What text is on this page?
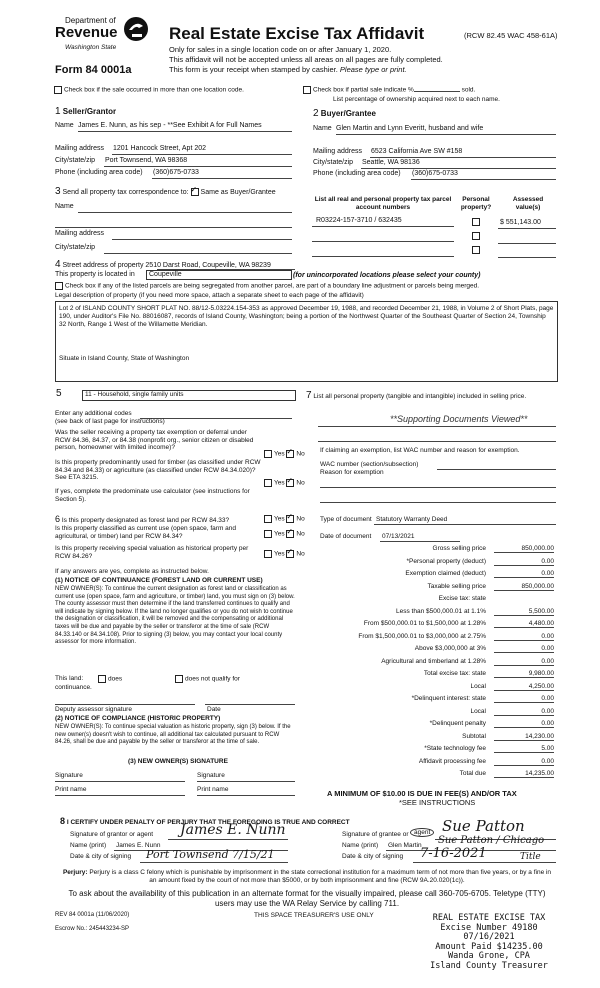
Department of
Revenue
Washington State
Form 84 0001a
Real Estate Excise Tax Affidavit	(RCW 82.45 WAC 458-61A)
Only for sales in a single location code on or after January 1, 2020.
This affidavit will not be accepted unless all areas on all pages are fully completed.
This form is your receipt when stamped by cashier. Please type or print.
Check box if the sale occurred in more than one location code.	Check box if partial sale indicate %	sold.
List percentage of ownership acquired next to each name.
1 Seller/Grantor
Name James E. Nunn, as his sep - **See Exhibit A for Full Names
Mailing address 1201 Hancock Street, Apt 202
City/state/zip Port Townsend, WA 98368
Phone (including area code) (360)675-0733
2 Buyer/Grantee
Name Glen Martin and Lynn Everitt, husband and wife
Mailing address 6523 California Ave SW #158
City/state/zip Seattle, WA 98136
Phone (including area code) (360)675-0733
3 Send all property tax correspondence to: ✓ Same as Buyer/Grantee
Name
Mailing address
City/state/zip
List all real and personal property tax parcel account numbers
Personal property?
Assessed value(s)
R03224-157-3710 / 632435	$ 551,143.00
4 Street address of property 2510 Darst Road, Coupeville, WA 98239
This property is located in	Coupeville	(for unincorporated locations please select your county)
Check box if any of the listed parcels are being segregated from another parcel, are part of a boundary line adjustment or parcels being merged.
Legal description of property (if you need more space, attach a separate sheet to each page of the affidavit)
Lot 2 of ISLAND COUNTY SHORT PLAT NO. 88/12-5.03224.154-353 as approved December 19, 1988, and recorded December 21, 1988, in Volume 2 of Short Plats, page 190, under Auditor's File No. 88016087, records of Island County, Washington; being a portion of the Northwest Quarter of the Southeast Quarter of Section 24, Township 32 North, Range 1 West of the Willamette Meridian.
Situate in Island County, State of Washington
5	11 - Household, single family units
Enter any additional codes
(see back of last page for instructions)
Was the seller receiving a property tax exemption or deferral under RCW 84.36, 84.37, or 84.38 (nonprofit org., senior citizen or disabled person, homeowner with limited income)?
Yes ✓ No
Is this property predominantly used for timber (as classified under RCW 84.34 and 84.33) or agriculture (as classified under RCW 84.34.020)? See ETA 3215.
Yes ✓ No
If yes, complete the predominate use calculator (see instructions for Section 5).
6 Is this property designated as forest land per RCW 84.33?	Yes ✓ No
Is this property classified as current use (open space, farm and agricultural, or timber) land per RCW 84.34?	Yes ✓ No
Is this property receiving special valuation as historical property per RCW 84.26?	Yes ✓ No
If any answers are yes, complete as instructed below.
(1) NOTICE OF CONTINUANCE (FOREST LAND OR CURRENT USE)
NEW OWNER(S): To continue the current designation as forest land or classification as current use (open space, farm and agriculture, or timber) land, you must sign on (3) below. The county assessor must then determine if the land transferred continues to qualify and will indicate by signing below. If the land no longer qualifies or you do not wish to continue the designation or classification, it will be removed and the compensating or additional taxes will be due and payable by the seller or transferor at the time of sale (RCW 84.33.140 or 84.34.108). Prior to signing (3) below, you may contact your local county assessor for more information.
This land:	does	does not qualify for
continuance.
Deputy assessor signature	Date
(2) NOTICE OF COMPLIANCE (HISTORIC PROPERTY)
NEW OWNER(S): To continue special valuation as historic property, sign (3) below. If the new owner(s) doesn't wish to continue, all additional tax calculated pursuant to RCW 84.26, shall be due and payable by the seller or transferor at the time of sale.
(3) NEW OWNER(S) SIGNATURE
Signature	Signature
Print name	Print name
7 List all personal property (tangible and intangible) included in selling price.
**Supporting Documents Viewed**
If claiming an exemption, list WAC number and reason for exemption.
WAC number (section/subsection)
Reason for exemption
Type of document Statutory Warranty Deed
Date of document 07/13/2021
Gross selling price	850,000.00
*Personal property (deduct)	0.00
Exemption claimed (deduct)	0.00
Taxable selling price	850,000.00
Excise tax: state
Less than $500,000.01 at 1.1%	5,500.00
From $500,000.01 to $1,500,000 at 1.28%	4,480.00
From $1,500,000.01 to $3,000,000 at 2.75%	0.00
Above $3,000,000 at 3%	0.00
Agricultural and timberland at 1.28%	0.00
Total excise tax: state	9,980.00
Local	4,250.00
*Delinquent interest: state	0.00
Local	0.00
*Delinquent penalty	0.00
Subtotal	14,230.00
*State technology fee	5.00
Affidavit processing fee	0.00
Total due	14,235.00
A MINIMUM OF $10.00 IS DUE IN FEE(S) AND/OR TAX
*SEE INSTRUCTIONS
8 I CERTIFY UNDER PENALTY OF PERJURY THAT THE FOREGOING IS TRUE AND CORRECT
Signature of grantor or agent James E. Nunn
Name (print) James E. Nunn
Date & city of signing Port Townsend 7/15/21
Signature of grantee or agent Sue Patton
Name (print) Glen Martin Sue Patton / Chicago
Date & city of signing 7-16-2021	Title
Perjury: Perjury is a class C felony which is punishable by imprisonment in the state correctional institution for a maximum term of not more than five years, or by a fine in an amount fixed by the court of not more than $5000, or by both imprisonment and fine (RCW 9A.20.020(1c)).
To ask about the availability of this publication in an alternate format for the visually impaired, please call 360-705-6705. Teletype (TTY) users may use the WA Relay Service by calling 711.
REV 84 0001a (11/06/2020)
Escrow No.: 245443234-SP
THIS SPACE TREASURER'S USE ONLY	REAL ESTATE EXCISE TAX
Excise Number 49180
07/16/2021
Amount Paid $14235.00
Wanda Grone, CPA
Island County Treasurer
